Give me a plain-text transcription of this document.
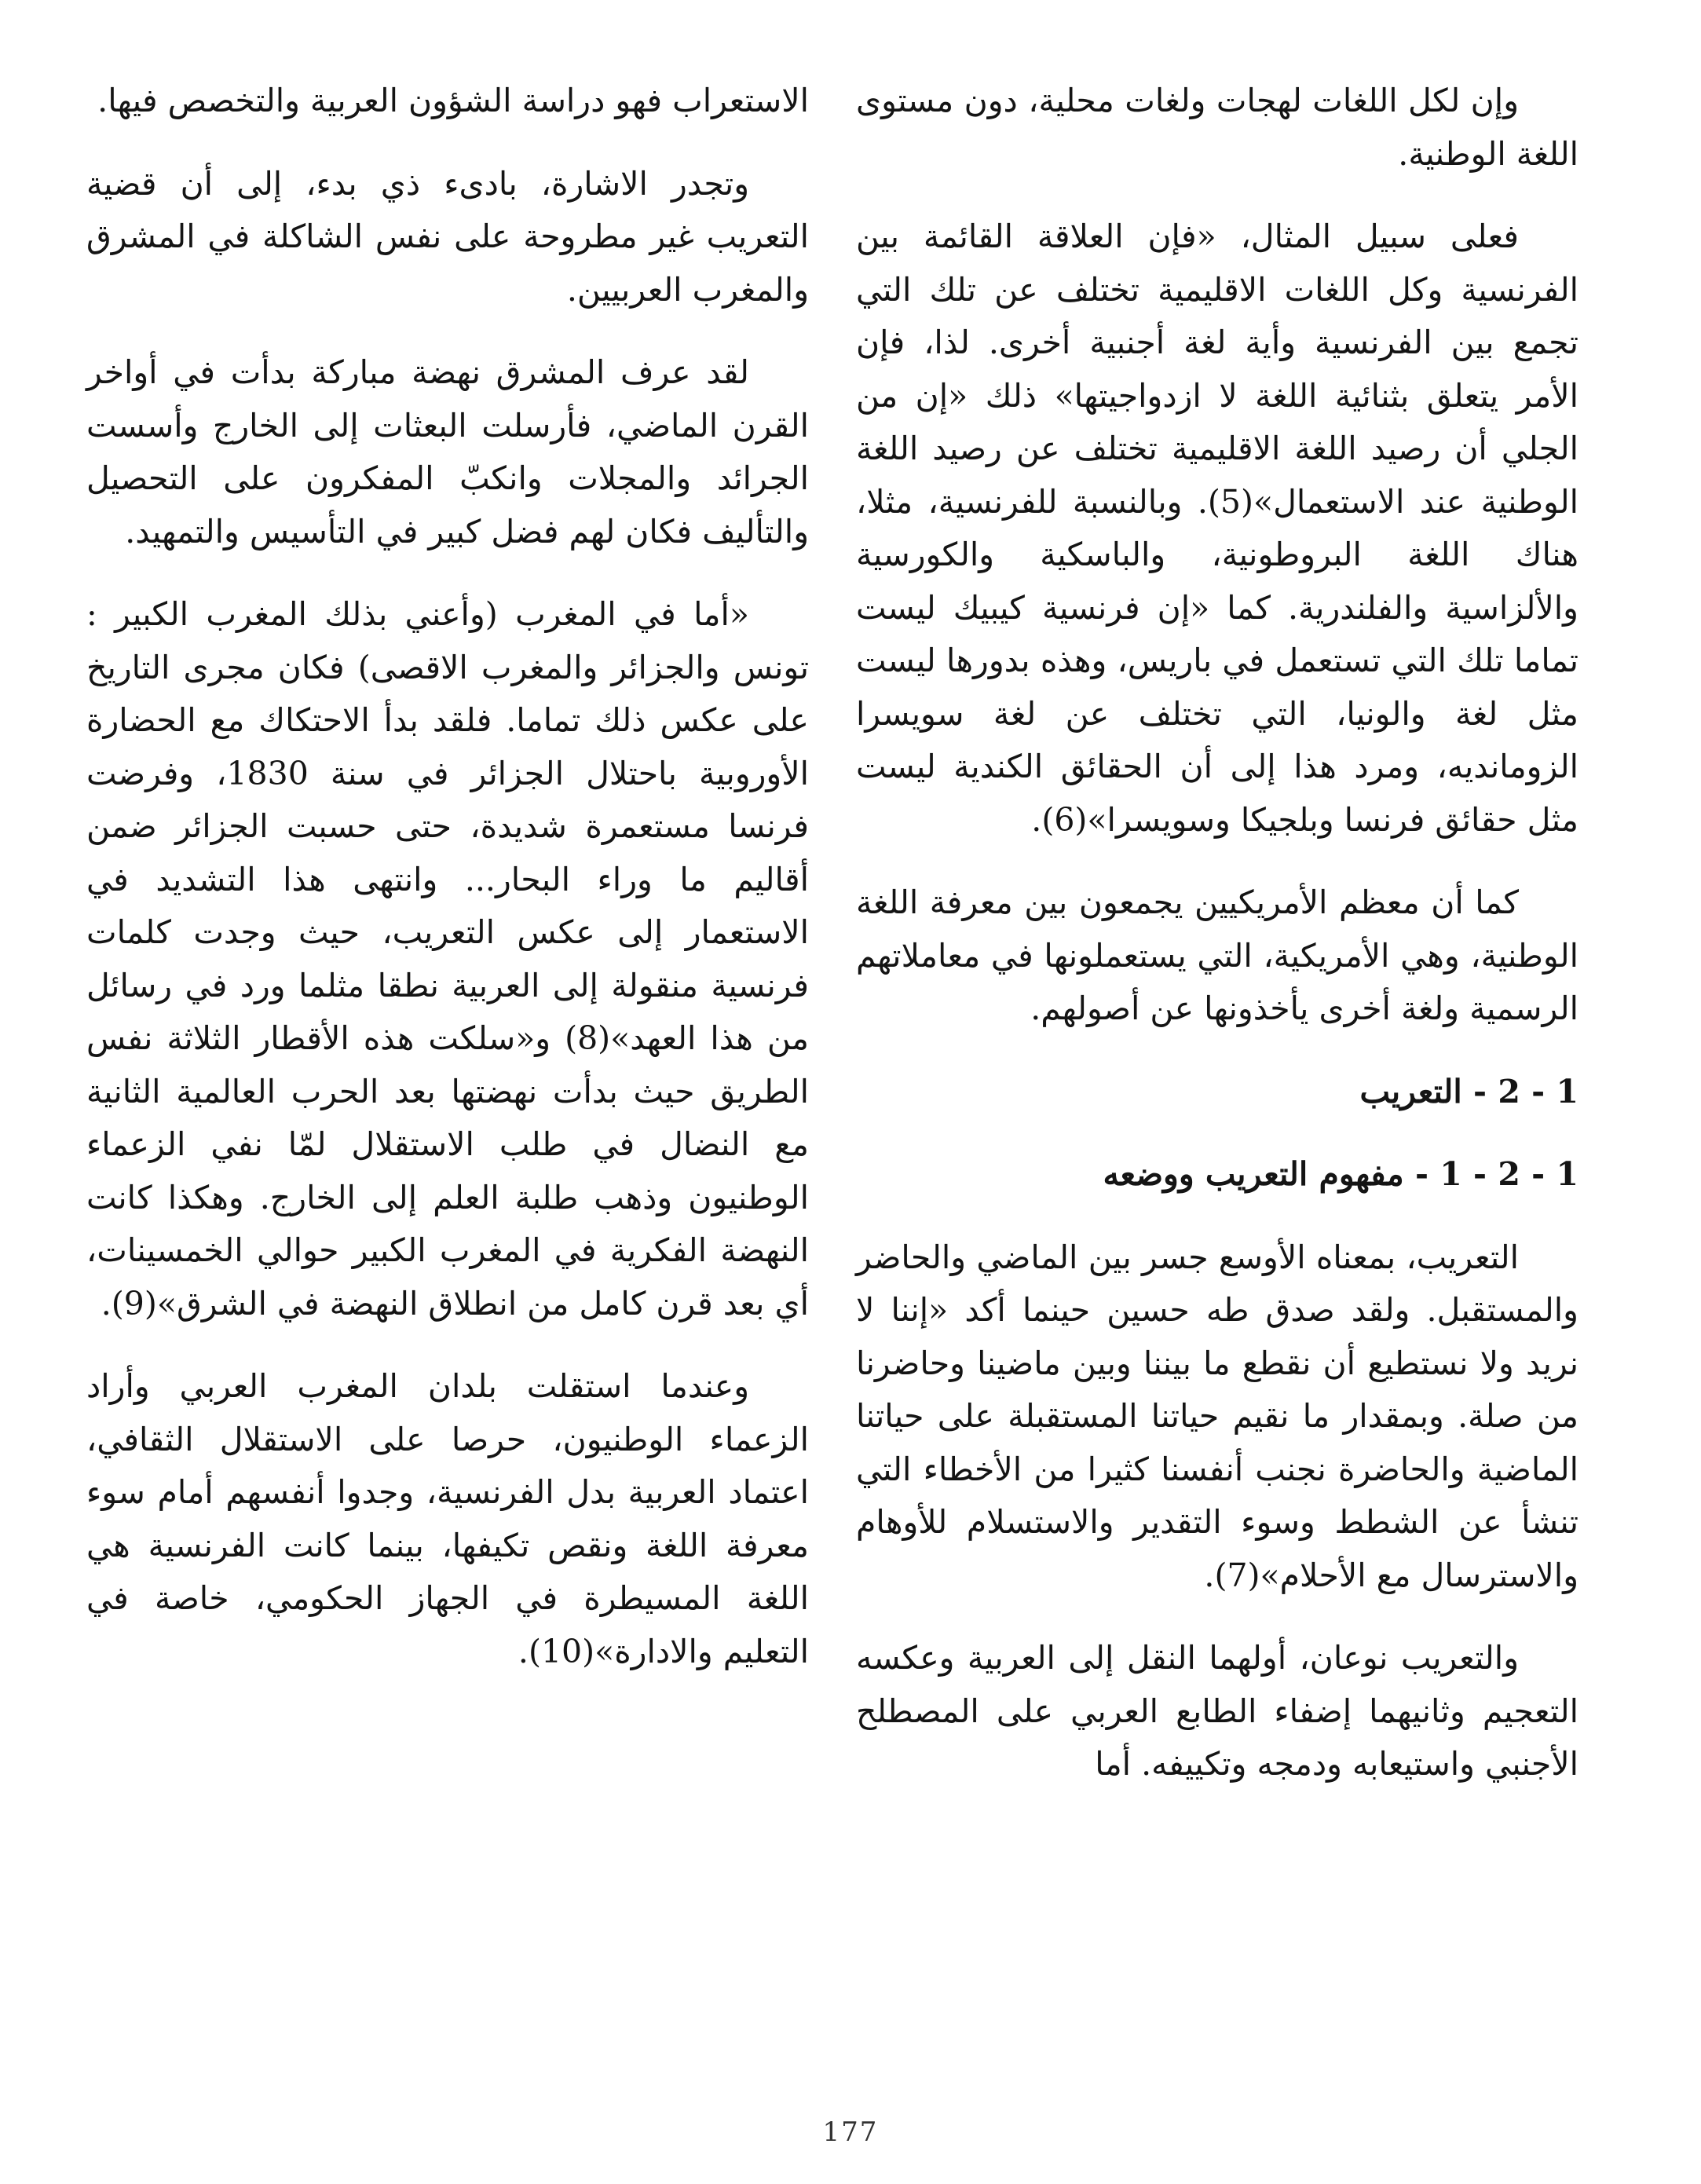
وإن لكل اللغات لهجات ولغات محلية، دون مستوى اللغة الوطنية.

فعلى سبيل المثال، «فإن العلاقة القائمة بين الفرنسية وكل اللغات الاقليمية تختلف عن تلك التي تجمع بين الفرنسية وأية لغة أجنبية أخرى. لذا، فإن الأمر يتعلق بثنائية اللغة لا ازدواجيتها» ذلك «إن من الجلي أن رصيد اللغة الاقليمية تختلف عن رصيد اللغة الوطنية عند الاستعمال»(5). وبالنسبة للفرنسية، مثلا، هناك اللغة البروطونية، والباسكية والكورسية والألزاسية والفلندرية. كما «إن فرنسية كيبيك ليست تماما تلك التي تستعمل في باريس، وهذه بدورها ليست مثل لغة والونيا، التي تختلف عن لغة سويسرا الزومانديه، ومرد هذا إلى أن الحقائق الكندية ليست مثل حقائق فرنسا وبلجيكا وسويسرا»(6).

كما أن معظم الأمريكيين يجمعون بين معرفة اللغة الوطنية، وهي الأمريكية، التي يستعملونها في معاملاتهم الرسمية ولغة أخرى يأخذونها عن أصولهم.

1 - 2 - التعريب

1 - 2 - 1 - مفهوم التعريب ووضعه

التعريب، بمعناه الأوسع جسر بين الماضي والحاضر والمستقبل. ولقد صدق طه حسين حينما أكد «إننا لا نريد ولا نستطيع أن نقطع ما بيننا وبين ماضينا وحاضرنا من صلة. وبمقدار ما نقيم حياتنا المستقبلة على حياتنا الماضية والحاضرة نجنب أنفسنا كثيرا من الأخطاء التي تنشأ عن الشطط وسوء التقدير والاستسلام للأوهام والاسترسال مع الأحلام»(7).

والتعريب نوعان، أولهما النقل إلى العربية وعكسه التعجيم وثانيهما إضفاء الطابع العربي على المصطلح الأجنبي واستيعابه ودمجه وتكييفه. أما

الاستعراب فهو دراسة الشؤون العربية والتخصص فيها.

وتجدر الاشارة، بادىء ذي بدء، إلى أن قضية التعريب غير مطروحة على نفس الشاكلة في المشرق والمغرب العربيين.

لقد عرف المشرق نهضة مباركة بدأت في أواخر القرن الماضي، فأرسلت البعثات إلى الخارج وأسست الجرائد والمجلات وانكبّ المفكرون على التحصيل والتأليف فكان لهم فضل كبير في التأسيس والتمهيد.

«أما في المغرب (وأعني بذلك المغرب الكبير : تونس والجزائر والمغرب الاقصى) فكان مجرى التاريخ على عكس ذلك تماما. فلقد بدأ الاحتكاك مع الحضارة الأوروبية باحتلال الجزائر في سنة 1830، وفرضت فرنسا مستعمرة شديدة، حتى حسبت الجزائر ضمن أقاليم ما وراء البحار... وانتهى هذا التشديد في الاستعمار إلى عكس التعريب، حيث وجدت كلمات فرنسية منقولة إلى العربية نطقا مثلما ورد في رسائل من هذا العهد»(8) و«سلكت هذه الأقطار الثلاثة نفس الطريق حيث بدأت نهضتها بعد الحرب العالمية الثانية مع النضال في طلب الاستقلال لمّا نفي الزعماء الوطنيون وذهب طلبة العلم إلى الخارج. وهكذا كانت النهضة الفكرية في المغرب الكبير حوالي الخمسينات، أي بعد قرن كامل من انطلاق النهضة في الشرق»(9).

وعندما استقلت بلدان المغرب العربي وأراد الزعماء الوطنيون، حرصا على الاستقلال الثقافي، اعتماد العربية بدل الفرنسية، وجدوا أنفسهم أمام سوء معرفة اللغة ونقص تكيفها، بينما كانت الفرنسية هي اللغة المسيطرة في الجهاز الحكومي، خاصة في التعليم والادارة»(10).

177
